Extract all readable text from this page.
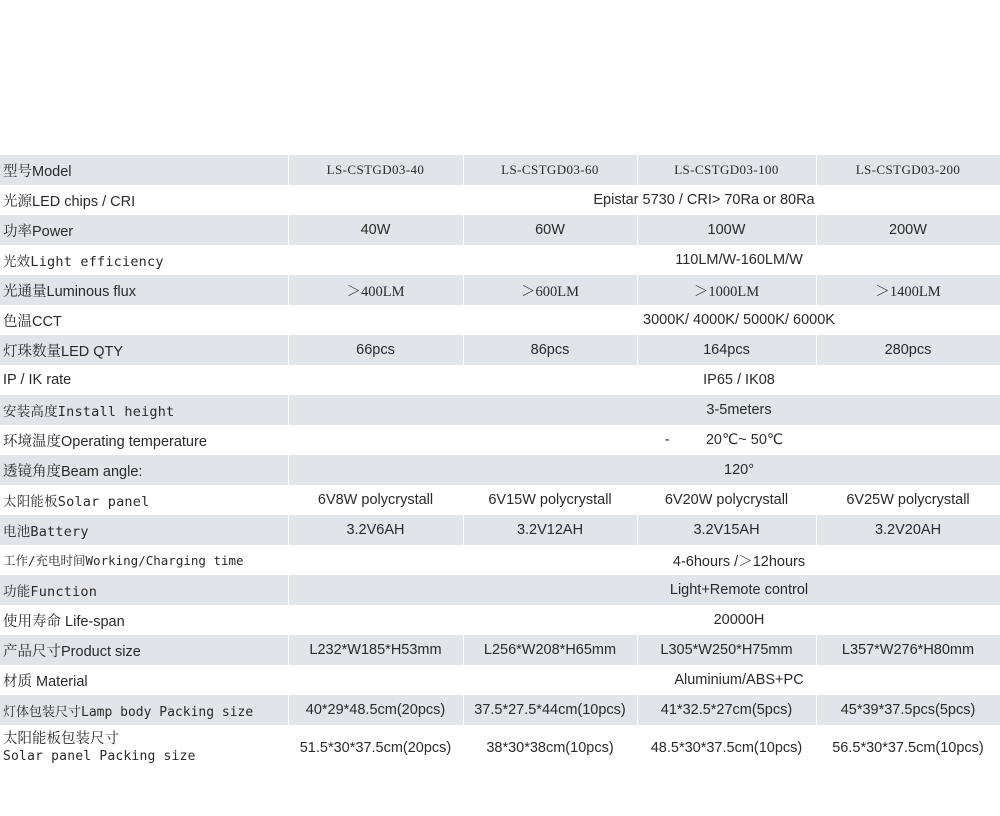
型号Model	LS-CSTGD03-40	LS-CSTGD03-60	LS-CSTGD03-100	LS-CSTGD03-200
光源LED chips / CRI	Epistar 5730 / CRI> 70Ra or 80Ra			
功率Power	40W	60W	100W	200W
光效Light efficiency	110LM/W-160LM/W			
光通量Luminous flux	＞400LM	＞600LM	＞1000LM	＞1400LM
色温CCT	3000K/ 4000K/ 5000K/ 6000K			
灯珠数量LED QTY	66pcs	86pcs	164pcs	280pcs
IP / IK rate	IP65 / IK08			
安装高度Install height	3-5meters			
环境温度Operating temperature	-         20℃~ 50℃			
透镜角度Beam angle:	120°			
太阳能板Solar panel	6V8W polycrystall	6V15W polycrystall	6V20W polycrystall	6V25W polycrystall
电池Battery	3.2V6AH	3.2V12AH	3.2V15AH	3.2V20AH
工作/充电时间Working/Charging time	4-6hours /＞12hours			
功能Function	Light+Remote control			
使用寿命 Life-span	20000H			
产品尺寸Product size	L232*W185*H53mm	L256*W208*H65mm	L305*W250*H75mm	L357*W276*H80mm
材质 Material	Aluminium/ABS+PC			
灯体包装尺寸Lamp body Packing size	40*29*48.5cm(20pcs)	37.5*27.5*44cm(10pcs)	41*32.5*27cm(5pcs)	45*39*37.5pcs(5pcs)

太阳能板包装尺寸
Solar panel Packing size	51.5*30*37.5cm(20pcs)	38*30*38cm(10pcs)	48.5*30*37.5cm(10pcs)	56.5*30*37.5cm(10pcs)
